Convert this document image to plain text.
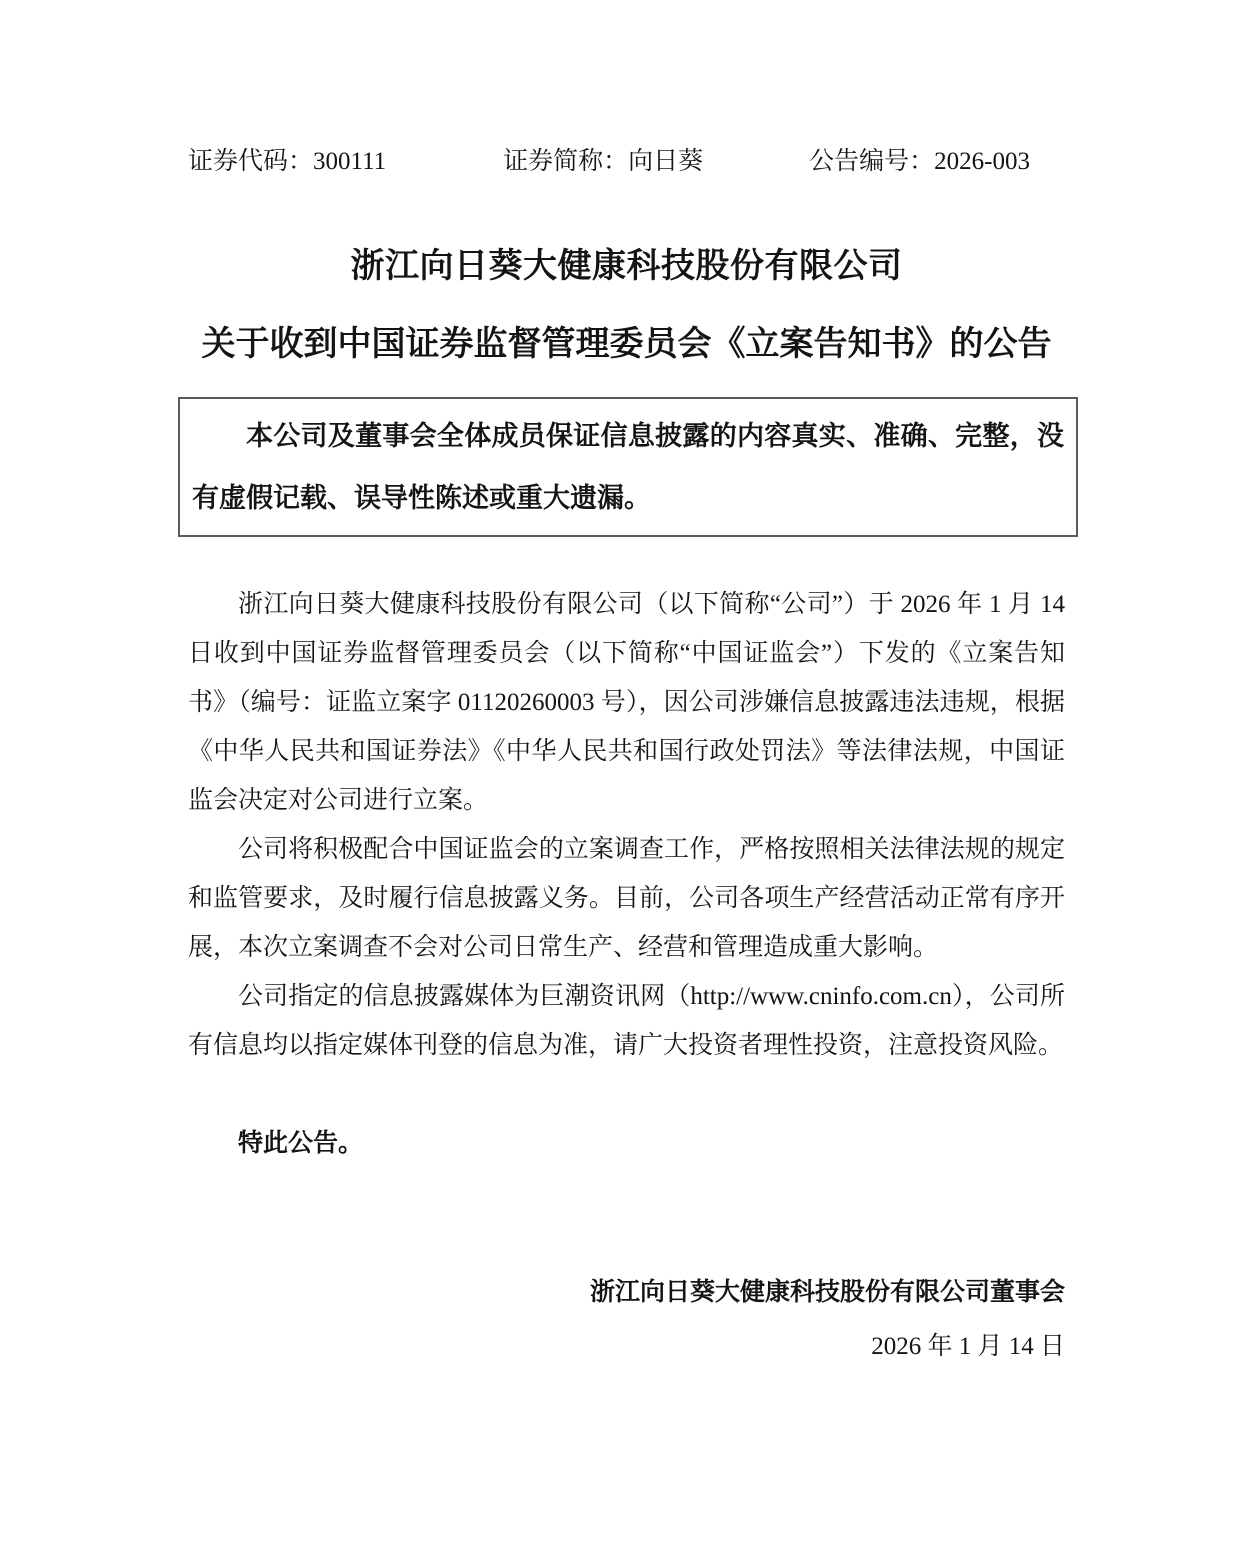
证券代码：300111	证券简称：向日葵	公告编号：2026-003
浙江向日葵大健康科技股份有限公司
关于收到中国证券监督管理委员会《立案告知书》的公告

本公司及董事会全体成员保证信息披露的内容真实、准确、完整，没有虚假记载、误导性陈述或重大遗漏。

浙江向日葵大健康科技股份有限公司（以下简称“公司”）于 2026 年 1 月 14 日收到中国证券监督管理委员会（以下简称“中国证监会”）下发的《立案告知书》（编号：证监立案字 01120260003 号），因公司涉嫌信息披露违法违规，根据《中华人民共和国证券法》《中华人民共和国行政处罚法》等法律法规，中国证监会决定对公司进行立案。

公司将积极配合中国证监会的立案调查工作，严格按照相关法律法规的规定和监管要求，及时履行信息披露义务。目前，公司各项生产经营活动正常有序开展，本次立案调查不会对公司日常生产、经营和管理造成重大影响。

公司指定的信息披露媒体为巨潮资讯网（http://www.cninfo.com.cn），公司所有信息均以指定媒体刊登的信息为准，请广大投资者理性投资，注意投资风险。

特此公告。

浙江向日葵大健康科技股份有限公司董事会

2026 年 1 月 14 日
